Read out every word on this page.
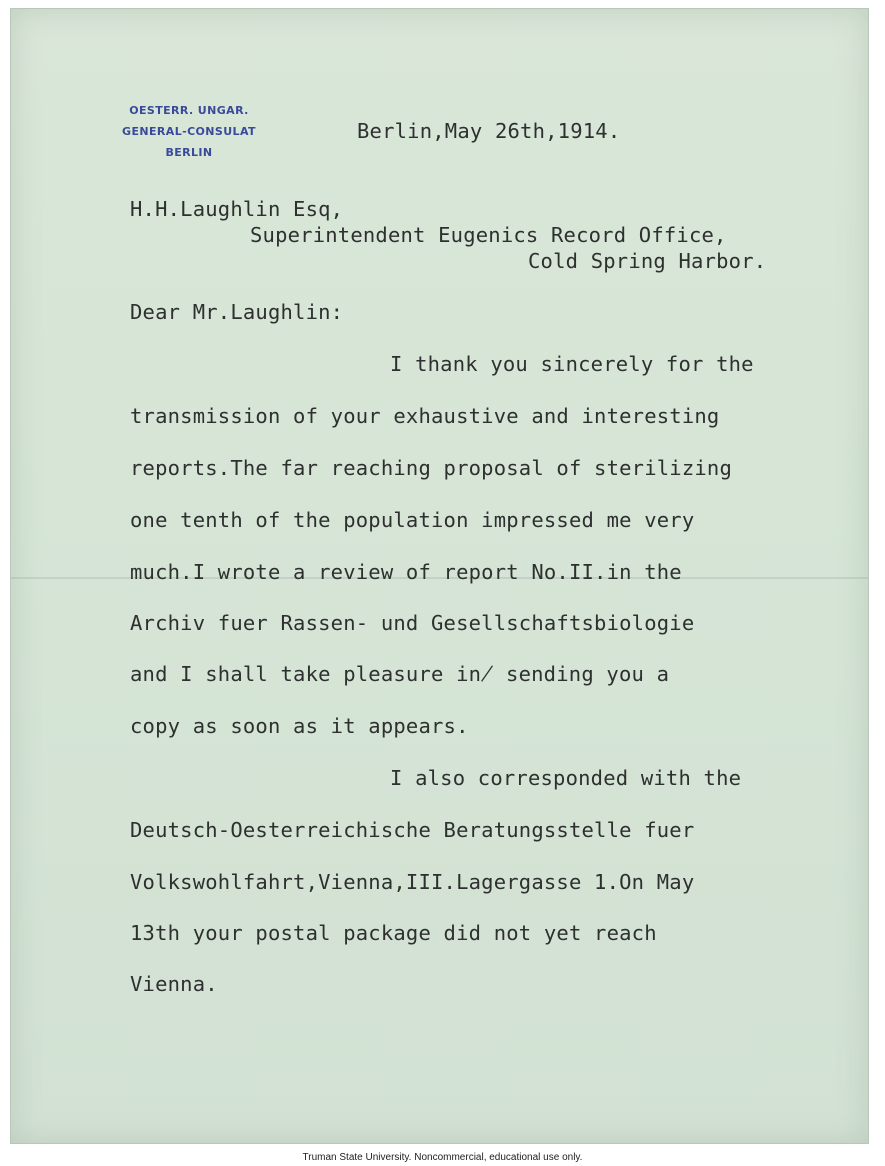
OESTERR. UNGAR.
GENERAL-CONSULAT
BERLIN
Berlin,May 26th,1914.
H.H.Laughlin Esq,
Superintendent Eugenics Record Office,
Cold Spring Harbor.
Dear Mr.Laughlin:
I thank you sincerely for the
transmission of your exhaustive and interesting
reports.The far reaching proposal of sterilizing
one tenth of the population impressed me very
much.I wrote a review of report No.II.in the
Archiv fuer Rassen- und Gesellschaftsbiologie
and I shall take pleasure in̸ sending you a
copy as soon as it appears.
I also corresponded with the
Deutsch-Oesterreichische Beratungsstelle fuer
Volkswohlfahrt,Vienna,III.Lagergasse 1.On May
13th your postal package did not yet reach
Vienna.
Truman State University. Noncommercial, educational use only.
